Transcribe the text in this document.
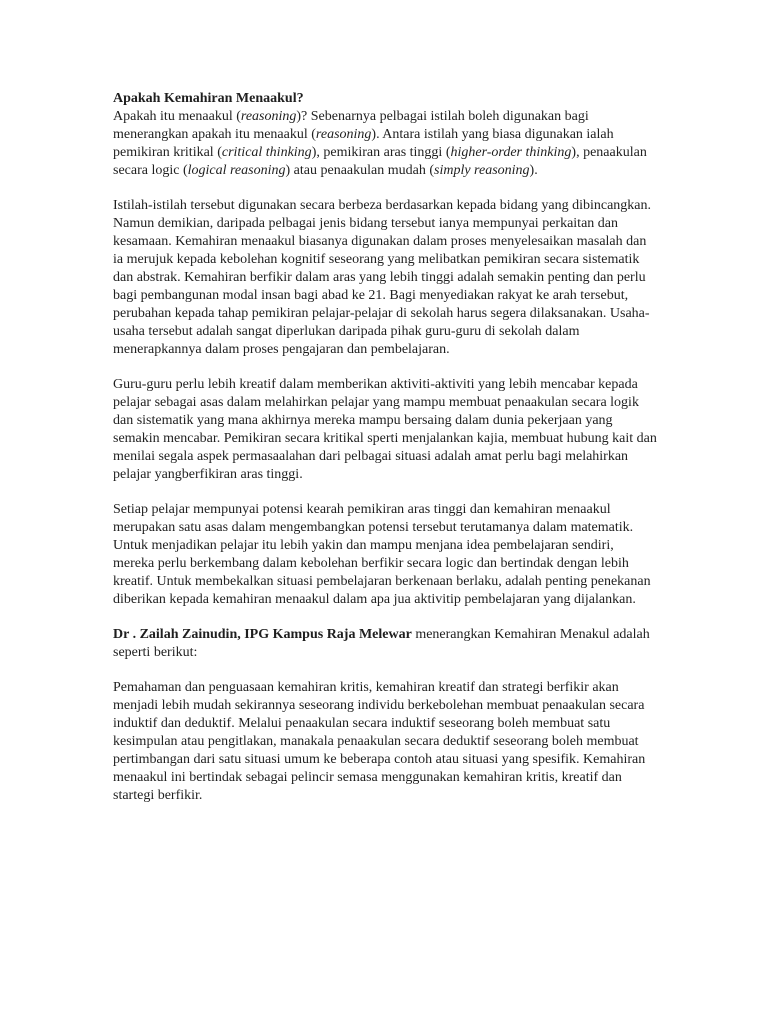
Apakah Kemahiran Menaakul?

Apakah itu menaakul (reasoning)? Sebenarnya pelbagai istilah boleh digunakan bagi menerangkan apakah itu menaakul (reasoning). Antara istilah yang biasa digunakan ialah pemikiran kritikal (critical thinking), pemikiran aras tinggi (higher-order thinking), penaakulan secara logic (logical reasoning) atau penaakulan mudah (simply reasoning).

Istilah-istilah tersebut digunakan secara berbeza berdasarkan kepada bidang yang dibincangkan. Namun demikian, daripada pelbagai jenis bidang tersebut ianya mempunyai perkaitan dan kesamaan. Kemahiran menaakul biasanya digunakan dalam proses menyelesaikan masalah dan ia merujuk kepada kebolehan kognitif seseorang yang melibatkan pemikiran secara sistematik dan abstrak. Kemahiran berfikir dalam aras yang lebih tinggi adalah semakin penting dan perlu bagi pembangunan modal insan bagi abad ke 21. Bagi menyediakan rakyat ke arah tersebut, perubahan kepada tahap pemikiran pelajar-pelajar di sekolah harus segera dilaksanakan. Usaha-usaha tersebut adalah sangat diperlukan daripada pihak guru-guru di sekolah dalam menerapkannya dalam proses pengajaran dan pembelajaran.

Guru-guru perlu lebih kreatif dalam memberikan aktiviti-aktiviti yang lebih mencabar kepada pelajar sebagai asas dalam melahirkan pelajar yang mampu membuat penaakulan secara logik dan sistematik yang mana akhirnya mereka mampu bersaing dalam dunia pekerjaan yang semakin mencabar. Pemikiran secara kritikal sperti menjalankan kajia, membuat hubung kait dan menilai segala aspek permasaalahan dari pelbagai situasi adalah amat perlu bagi melahirkan pelajar yangberfikiran aras tinggi.

Setiap pelajar mempunyai potensi kearah pemikiran aras tinggi dan kemahiran menaakul merupakan satu asas dalam mengembangkan potensi tersebut terutamanya dalam matematik. Untuk menjadikan pelajar itu lebih yakin dan mampu menjana idea pembelajaran sendiri, mereka perlu berkembang dalam kebolehan berfikir secara logic dan bertindak dengan lebih kreatif. Untuk membekalkan situasi pembelajaran berkenaan berlaku, adalah penting penekanan diberikan kepada kemahiran menaakul dalam apa jua aktivitip pembelajaran yang dijalankan.

Dr . Zailah Zainudin, IPG Kampus Raja Melewar menerangkan Kemahiran Menakul adalah seperti berikut:

Pemahaman dan penguasaan kemahiran kritis, kemahiran kreatif dan strategi berfikir akan menjadi lebih mudah sekirannya seseorang individu berkebolehan membuat penaakulan secara induktif dan deduktif. Melalui penaakulan secara induktif seseorang boleh membuat satu kesimpulan atau pengitlakan, manakala penaakulan secara deduktif seseorang boleh membuat pertimbangan dari satu situasi umum ke beberapa contoh atau situasi yang spesifik. Kemahiran menaakul ini bertindak sebagai pelincir semasa menggunakan kemahiran kritis, kreatif dan startegi berfikir.
